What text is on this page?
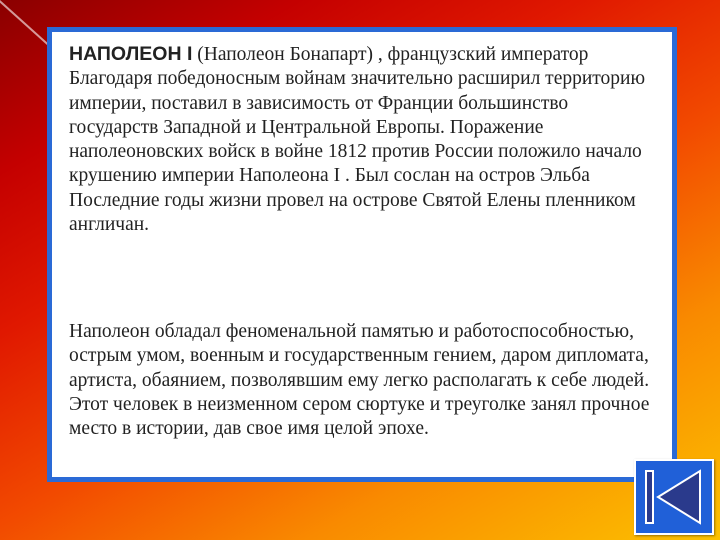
НАПОЛЕОН I (Наполеон Бонапарт) , французский император Благодаря победоносным войнам значительно расширил территорию империи, поставил в зависимость от Франции большинство государств Западной и Центральной Европы. Поражение наполеоновских войск в войне 1812 против России положило начало крушению империи Наполеона I . Был сослан на остров Эльба Последние годы жизни провел на острове Святой Елены пленником англичан.
Наполеон обладал феноменальной памятью и работоспособностью, острым умом, военным и государственным гением, даром дипломата, артиста, обаянием, позволявшим ему легко располагать к себе людей. Этот человек в неизменном сером сюртуке и треуголке занял прочное место в истории, дав свое имя целой эпохе.
